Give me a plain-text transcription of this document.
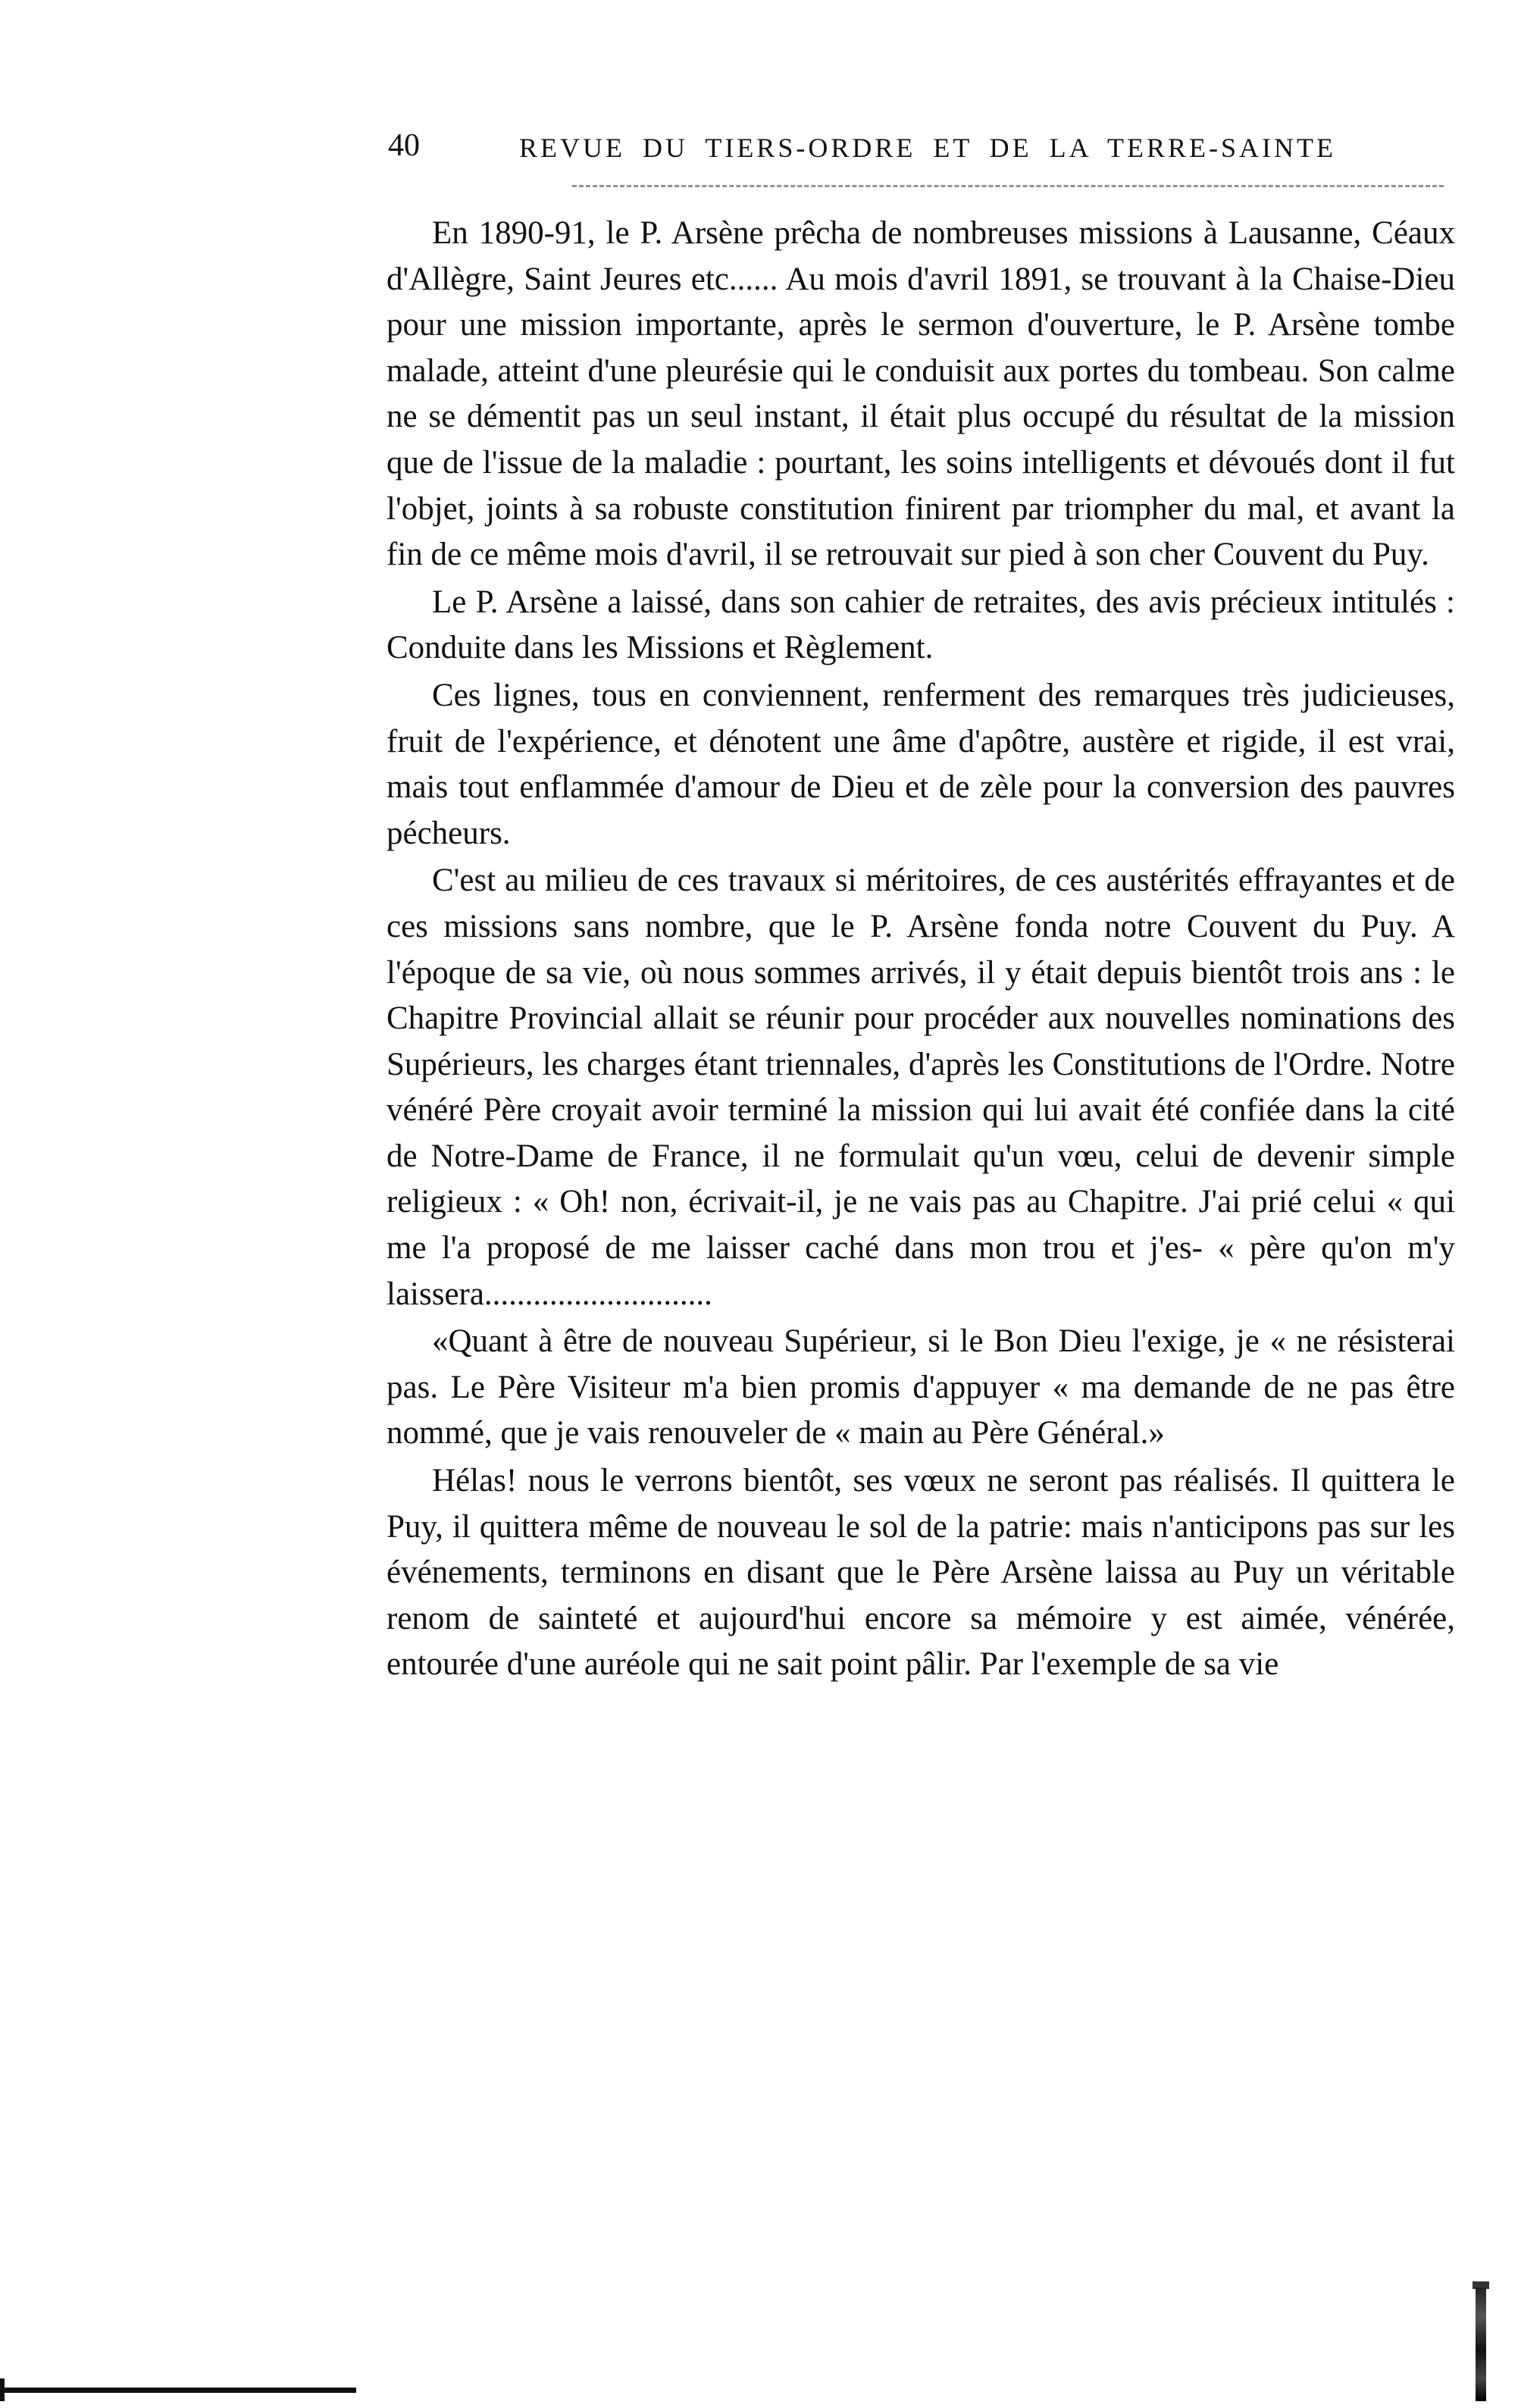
40	REVUE DU TIERS-ORDRE ET DE LA TERRE-SAINTE

En 1890-91, le P. Arsène prêcha de nombreuses missions à Lausanne, Céaux d'Allègre, Saint Jeures etc...... Au mois d'avril 1891, se trouvant à la Chaise-Dieu pour une mission importante, après le sermon d'ouverture, le P. Arsène tombe malade, atteint d'une pleurésie qui le conduisit aux portes du tombeau. Son calme ne se démentit pas un seul instant, il était plus occupé du résultat de la mission que de l'issue de la maladie : pourtant, les soins intelligents et dévoués dont il fut l'objet, joints à sa robuste constitution finirent par triompher du mal, et avant la fin de ce même mois d'avril, il se retrouvait sur pied à son cher Couvent du Puy.

Le P. Arsène a laissé, dans son cahier de retraites, des avis précieux intitulés : Conduite dans les Missions et Règlement.

Ces lignes, tous en conviennent, renferment des remarques très judicieuses, fruit de l'expérience, et dénotent une âme d'apôtre, austère et rigide, il est vrai, mais tout enflammée d'amour de Dieu et de zèle pour la conversion des pauvres pécheurs.

C'est au milieu de ces travaux si méritoires, de ces austérités effrayantes et de ces missions sans nombre, que le P. Arsène fonda notre Couvent du Puy. A l'époque de sa vie, où nous sommes arrivés, il y était depuis bientôt trois ans : le Chapitre Provincial allait se réunir pour procéder aux nouvelles nominations des Supérieurs, les charges étant triennales, d'après les Constitutions de l'Ordre. Notre vénéré Père croyait avoir terminé la mission qui lui avait été confiée dans la cité de Notre-Dame de France, il ne formulait qu'un vœu, celui de devenir simple religieux : « Oh! non, écrivait-il, je ne vais pas au Chapitre. J'ai prié celui « qui me l'a proposé de me laisser caché dans mon trou et j'es- « père qu'on m'y laissera............................

«Quant à être de nouveau Supérieur, si le Bon Dieu l'exige, je « ne résisterai pas. Le Père Visiteur m'a bien promis d'appuyer « ma demande de ne pas être nommé, que je vais renouveler de « main au Père Général.»

Hélas! nous le verrons bientôt, ses vœux ne seront pas réalisés. Il quittera le Puy, il quittera même de nouveau le sol de la patrie: mais n'anticipons pas sur les événements, terminons en disant que le Père Arsène laissa au Puy un véritable renom de sainteté et aujourd'hui encore sa mémoire y est aimée, vénérée, entourée d'une auréole qui ne sait point pâlir. Par l'exemple de sa vie
